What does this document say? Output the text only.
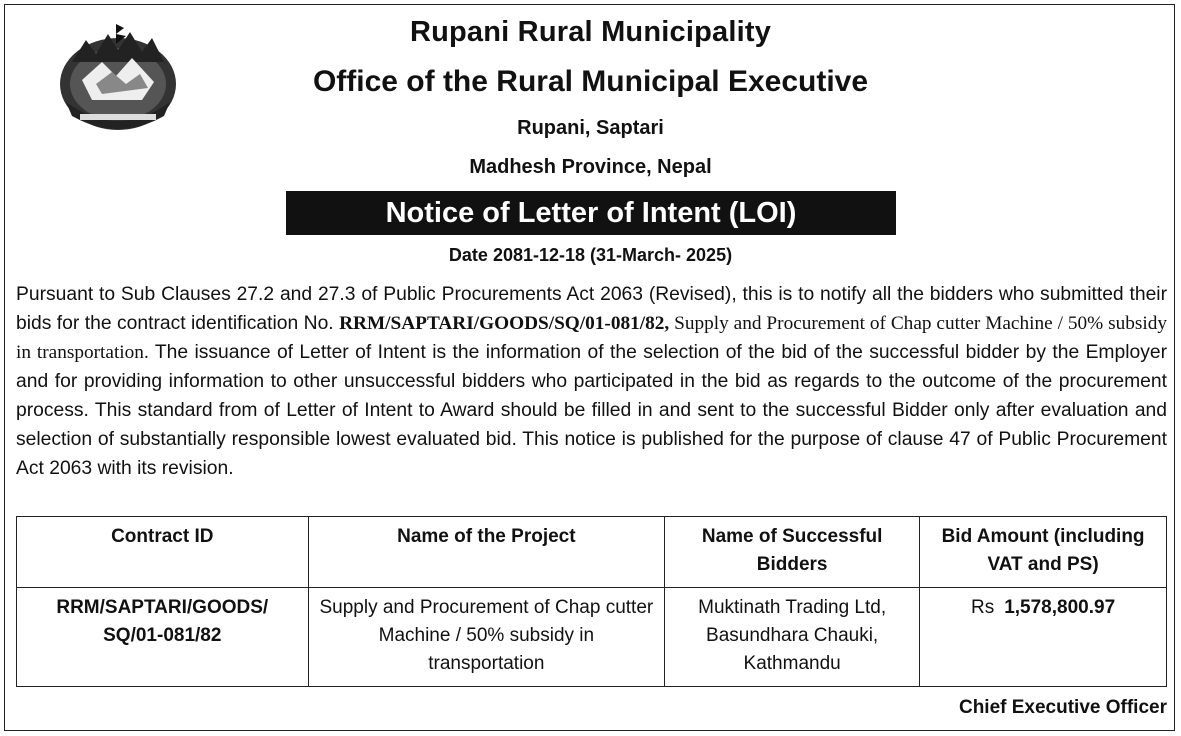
Rupani Rural Municipality
Office of the Rural Municipal Executive
Rupani, Saptari
Madhesh Province, Nepal
Notice of Letter of Intent (LOI)
Date 2081-12-18 (31-March- 2025)
Pursuant to Sub Clauses 27.2 and 27.3 of Public Procurements Act 2063 (Revised), this is to notify all the bidders who submitted their bids for the contract identification No. RRM/SAPTARI/GOODS/SQ/01-081/82, Supply and Procurement of Chap cutter Machine / 50% subsidy in transportation. The issuance of Letter of Intent is the information of the selection of the bid of the successful bidder by the Employer and for providing information to other unsuccessful bidders who participated in the bid as regards to the outcome of the procurement process. This standard from of Letter of Intent to Award should be filled in and sent to the successful Bidder only after evaluation and selection of substantially responsible lowest evaluated bid. This notice is published for the purpose of clause 47 of Public Procurement Act 2063 with its revision.
Contract ID	Name of the Project	Name of Successful Bidders	Bid Amount (including VAT and PS)
RRM/SAPTARI/GOODS/ SQ/01-081/82	Supply and Procurement of Chap cutter Machine / 50% subsidy in transportation	Muktinath Trading Ltd, Basundhara Chauki, Kathmandu	Rs 1,578,800.97
Chief Executive Officer
